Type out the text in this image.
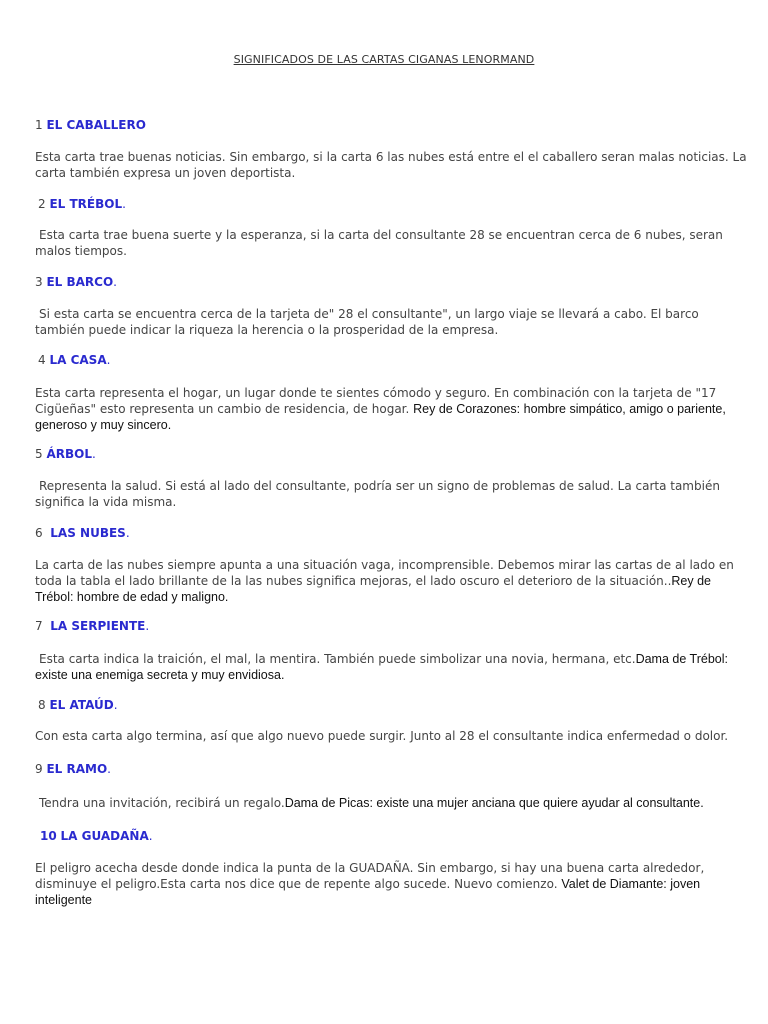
SIGNIFICADOS DE LAS CARTAS CIGANAS LENORMAND

1 EL CABALLERO

Esta carta trae buenas noticias. Sin embargo, si la carta 6 las nubes está entre el el caballero seran malas noticias. La carta también expresa un joven deportista.

2 EL TRÉBOL.

Esta carta trae buena suerte y la esperanza, si la carta del consultante 28 se encuentran cerca de 6 nubes, seran malos tiempos.

3 EL BARCO.

Si esta carta se encuentra cerca de la tarjeta de" 28 el consultante", un largo viaje se llevará a cabo. El barco también puede indicar la riqueza la herencia o la prosperidad de la empresa.

4 LA CASA.

Esta carta representa el hogar, un lugar donde te sientes cómodo y seguro. En combinación con la tarjeta de "17 Cigüeñas" esto representa un cambio de residencia, de hogar. Rey de Corazones: hombre simpático, amigo o pariente, generoso y muy sincero.

5 ÁRBOL.

Representa la salud. Si está al lado del consultante, podría ser un signo de problemas de salud. La carta también significa la vida misma.

6 LAS NUBES.

La carta de las nubes siempre apunta a una situación vaga, incomprensible. Debemos mirar las cartas de al lado en toda la tabla el lado brillante de la las nubes significa mejoras, el lado oscuro el deterioro de la situación..Rey de Trébol: hombre de edad y maligno.

7 LA SERPIENTE.

Esta carta indica la traición, el mal, la mentira. También puede simbolizar una novia, hermana, etc.Dama de Trébol: existe una enemiga secreta y muy envidiosa.

8 EL ATAÚD.

Con esta carta algo termina, así que algo nuevo puede surgir. Junto al 28 el consultante indica enfermedad o dolor.

9 EL RAMO.

Tendra una invitación, recibirá un regalo.Dama de Picas: existe una mujer anciana que quiere ayudar al consultante.

10 LA GUADAÑA.

El peligro acecha desde donde indica la punta de la GUADAÑA. Sin embargo, si hay una buena carta alrededor, disminuye el peligro.Esta carta nos dice que de repente algo sucede. Nuevo comienzo. Valet de Diamante: joven inteligente
